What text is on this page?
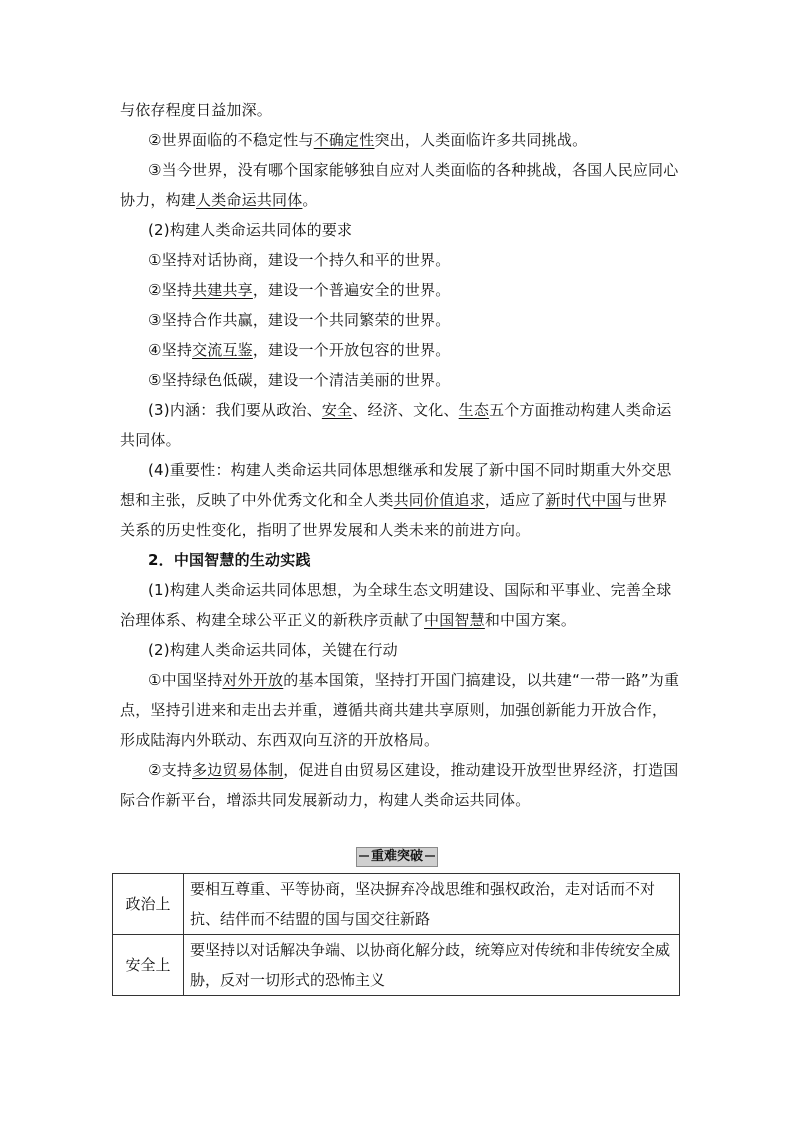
与依存程度日益加深。

②世界面临的不稳定性与不确定性突出，人类面临许多共同挑战。

③当今世界，没有哪个国家能够独自应对人类面临的各种挑战，各国人民应同心协力，构建人类命运共同体。

(2)构建人类命运共同体的要求

①坚持对话协商，建设一个持久和平的世界。

②坚持共建共享，建设一个普遍安全的世界。

③坚持合作共赢，建设一个共同繁荣的世界。

④坚持交流互鉴，建设一个开放包容的世界。

⑤坚持绿色低碳，建设一个清洁美丽的世界。

(3)内涵：我们要从政治、安全、经济、文化、生态五个方面推动构建人类命运共同体。

(4)重要性：构建人类命运共同体思想继承和发展了新中国不同时期重大外交思想和主张，反映了中外优秀文化和全人类共同价值追求，适应了新时代中国与世界关系的历史性变化，指明了世界发展和人类未来的前进方向。

2．中国智慧的生动实践

(1)构建人类命运共同体思想，为全球生态文明建设、国际和平事业、完善全球治理体系、构建全球公平正义的新秩序贡献了中国智慧和中国方案。

(2)构建人类命运共同体，关键在行动

①中国坚持对外开放的基本国策，坚持打开国门搞建设，以共建“一带一路”为重点，坚持引进来和走出去并重，遵循共商共建共享原则，加强创新能力开放合作，形成陆海内外联动、东西双向互济的开放格局。

②支持多边贸易体制，促进自由贸易区建设，推动建设开放型世界经济，打造国际合作新平台，增添共同发展新动力，构建人类命运共同体。

重难突破
政治上	要相互尊重、平等协商，坚决摒弃冷战思维和强权政治，走对话而不对抗、结伴而不结盟的国与国交往新路
安全上	要坚持以对话解决争端、以协商化解分歧，统筹应对传统和非传统安全威胁，反对一切形式的恐怖主义
